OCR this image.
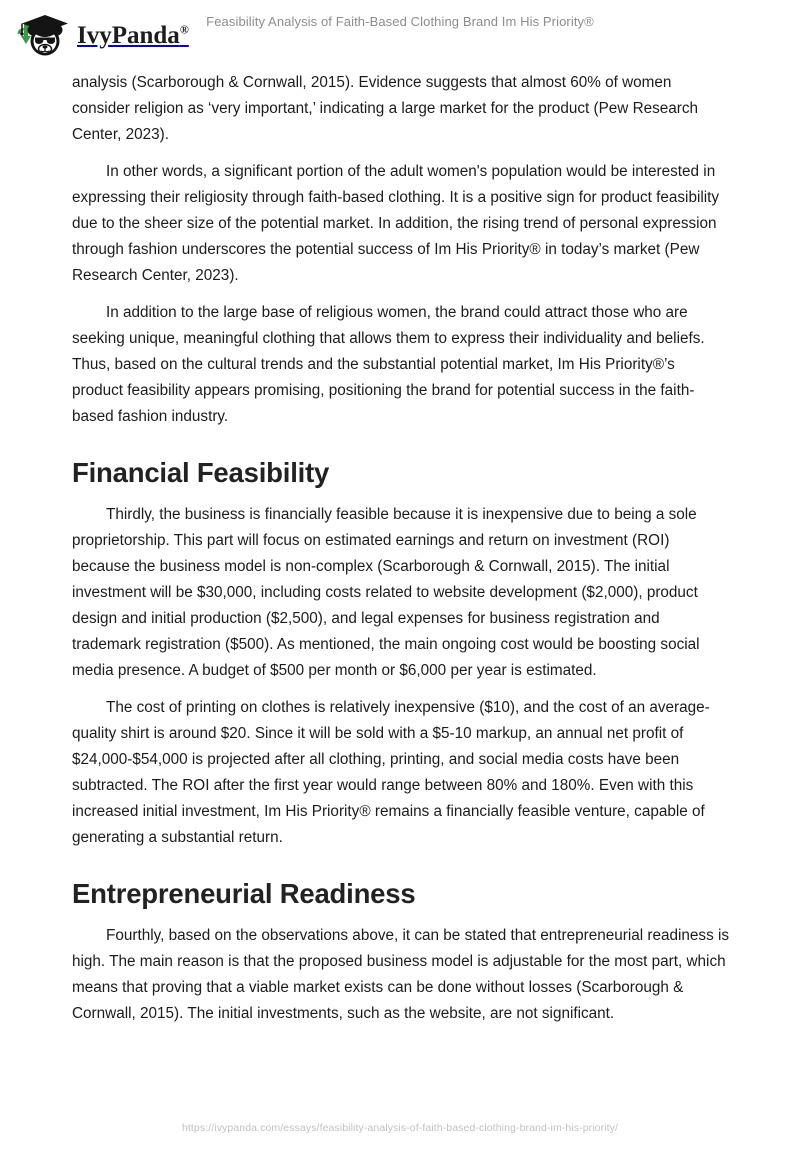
IvyPanda®
Feasibility Analysis of Faith-Based Clothing Brand Im His Priority®

analysis (Scarborough & Cornwall, 2015). Evidence suggests that almost 60% of women consider religion as ‘very important,’ indicating a large market for the product (Pew Research Center, 2023).

In other words, a significant portion of the adult women's population would be interested in expressing their religiosity through faith-based clothing. It is a positive sign for product feasibility due to the sheer size of the potential market. In addition, the rising trend of personal expression through fashion underscores the potential success of Im His Priority® in today’s market (Pew Research Center, 2023).

In addition to the large base of religious women, the brand could attract those who are seeking unique, meaningful clothing that allows them to express their individuality and beliefs. Thus, based on the cultural trends and the substantial potential market, Im His Priority®’s product feasibility appears promising, positioning the brand for potential success in the faith-based fashion industry.

Financial Feasibility

Thirdly, the business is financially feasible because it is inexpensive due to being a sole proprietorship. This part will focus on estimated earnings and return on investment (ROI) because the business model is non-complex (Scarborough & Cornwall, 2015). The initial investment will be $30,000, including costs related to website development ($2,000), product design and initial production ($2,500), and legal expenses for business registration and trademark registration ($500). As mentioned, the main ongoing cost would be boosting social media presence. A budget of $500 per month or $6,000 per year is estimated.

The cost of printing on clothes is relatively inexpensive ($10), and the cost of an average-quality shirt is around $20. Since it will be sold with a $5-10 markup, an annual net profit of $24,000-$54,000 is projected after all clothing, printing, and social media costs have been subtracted. The ROI after the first year would range between 80% and 180%. Even with this increased initial investment, Im His Priority® remains a financially feasible venture, capable of generating a substantial return.

Entrepreneurial Readiness

Fourthly, based on the observations above, it can be stated that entrepreneurial readiness is high. The main reason is that the proposed business model is adjustable for the most part, which means that proving that a viable market exists can be done without losses (Scarborough & Cornwall, 2015). The initial investments, such as the website, are not significant.

https://ivypanda.com/essays/feasibility-analysis-of-faith-based-clothing-brand-im-his-priority/
